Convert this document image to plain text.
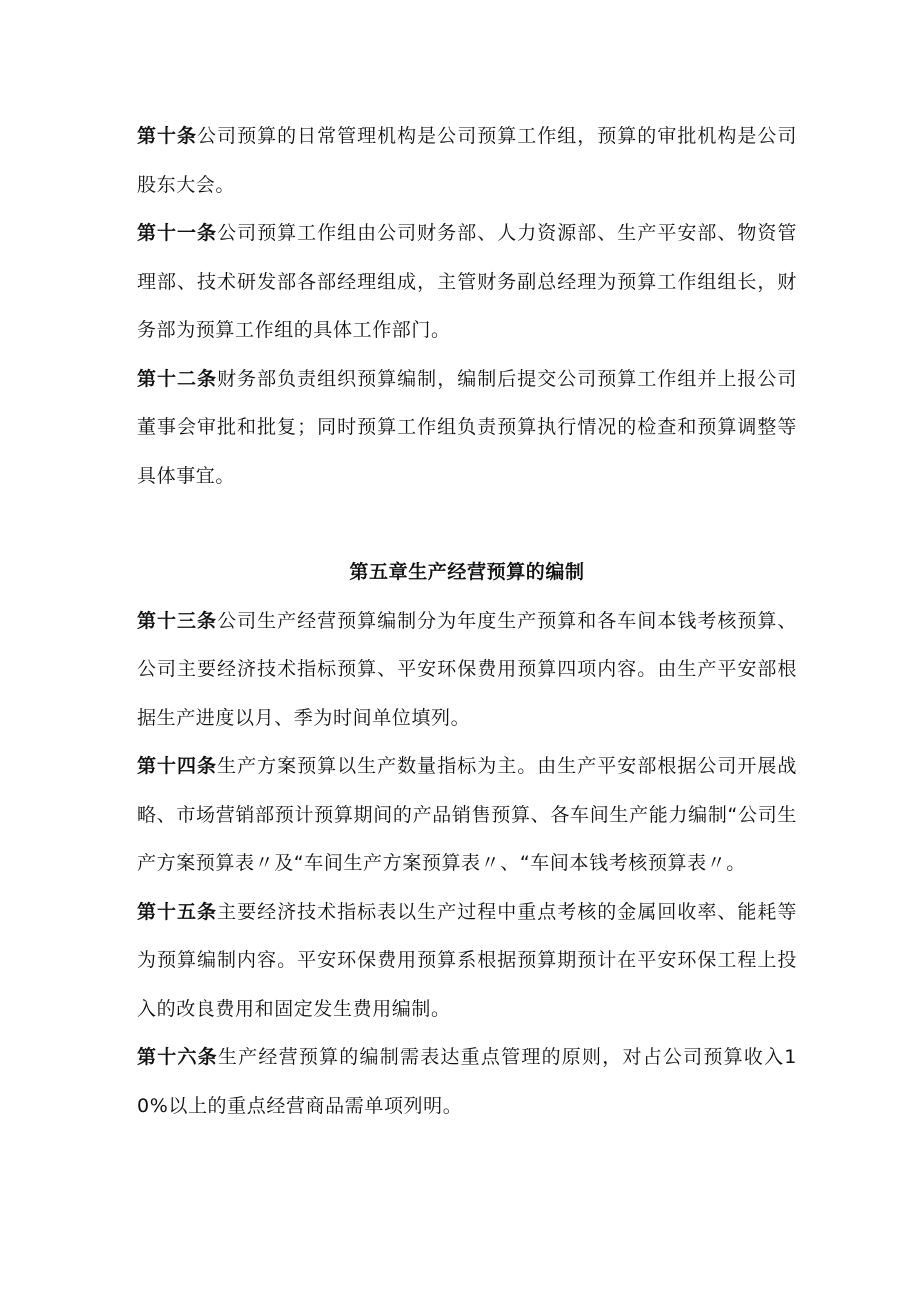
第十条公司预算的日常管理机构是公司预算工作组，预算的审批机构是公司股东大会。

第十一条公司预算工作组由公司财务部、人力资源部、生产平安部、物资管理部、技术研发部各部经理组成，主管财务副总经理为预算工作组组长，财务部为预算工作组的具体工作部门。

第十二条财务部负责组织预算编制，编制后提交公司预算工作组并上报公司董事会审批和批复；同时预算工作组负责预算执行情况的检查和预算调整等具体事宜。

第五章生产经营预算的编制

第十三条公司生产经营预算编制分为年度生产预算和各车间本钱考核预算、公司主要经济技术指标预算、平安环保费用预算四项内容。由生产平安部根据生产进度以月、季为时间单位填列。

第十四条生产方案预算以生产数量指标为主。由生产平安部根据公司开展战略、市场营销部预计预算期间的产品销售预算、各车间生产能力编制“公司生产方案预算表〃及“车间生产方案预算表〃、“车间本钱考核预算表〃。

第十五条主要经济技术指标表以生产过程中重点考核的金属回收率、能耗等为预算编制内容。平安环保费用预算系根据预算期预计在平安环保工程上投入的改良费用和固定发生费用编制。

第十六条生产经营预算的编制需表达重点管理的原则，对占公司预算收入10%以上的重点经营商品需单项列明。
